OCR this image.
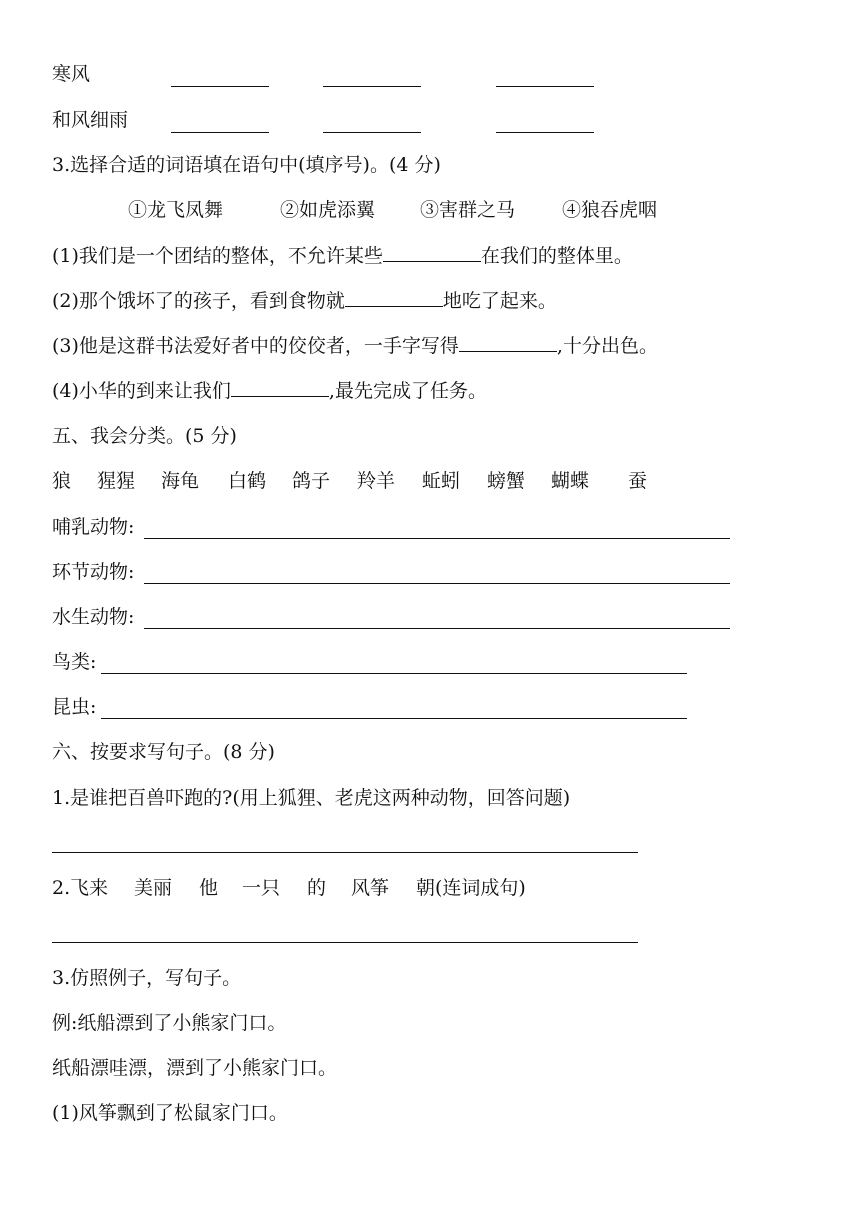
寒风
和风细雨
3.选择合适的词语填在语句中(填序号)。(4 分)
①龙飞凤舞	②如虎添翼 ③害群之马 ④狼吞虎咽
(1)我们是一个团结的整体，不允许某些	在我们的整体里。
(2)那个饿坏了的孩子，看到食物就	地吃了起来。
(3)他是这群书法爱好者中的佼佼者，一手字写得	,十分出色。
(4)小华的到来让我们	,最先完成了任务。
五、我会分类。(5 分)
狼 猩猩 海龟 白鹤 鸽子 羚羊 蚯蚓 螃蟹 蝴蝶 蚕
哺乳动物:
环节动物:
水生动物:
鸟类:
昆虫:
六、按要求写句子。(8 分)
1.是谁把百兽吓跑的?(用上狐狸、老虎这两种动物，回答问题)
2. 飞来 美丽 他 一只 的 风筝 朝(连词成句)
3.仿照例子，写句子。
例:纸船漂到了小熊家门口。
纸船漂哇漂，漂到了小熊家门口。
(1)风筝飘到了松鼠家门口。
